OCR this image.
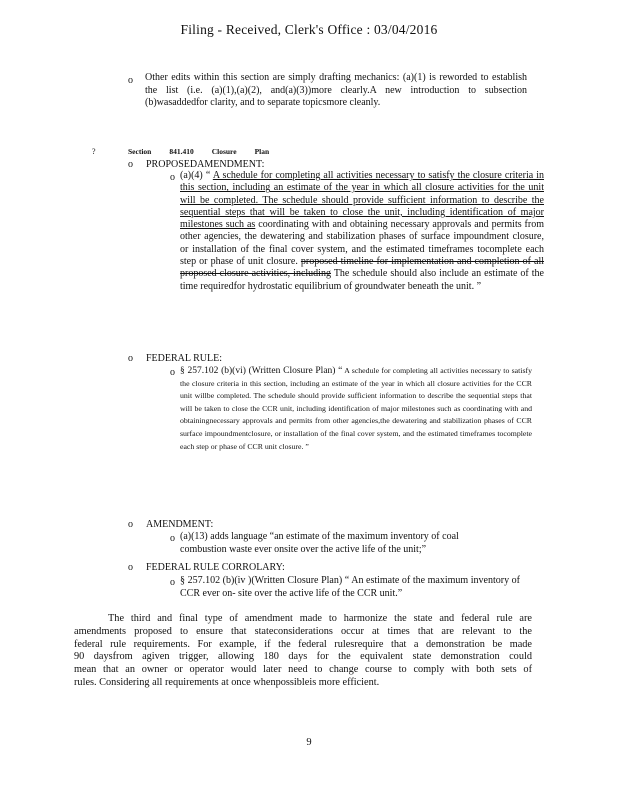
Filing - Received, Clerk's Office : 03/04/2016
o Other edits within this section are simply drafting mechanics: (a)(1) is reworded to establish the list (i.e. (a)(1),(a)(2), and(a)(3))more clearly.A new introduction to subsection (b)wasaddedfor clarity, and to separate topicsmore cleanly.
?	Section 841.410 Closure Plan
o PROPOSEDAMENDMENT:
o (a)(4) “ A schedule for completing all activities necessary to satisfy the closure criteria in this section, including an estimate of the year in which all closure activities for the unit will be completed. The schedule should provide sufficient information to describe the sequential steps that will be taken to close the unit, including identification of major milestones such as coordinating with and obtaining necessary approvals and permits from other agencies, the dewatering and stabilization phases of surface impoundment closure, or installation of the final cover system, and the estimated timeframes tocomplete each step or phase of unit closure. proposed timeline for implementation and completion of all proposed closure activities, including The schedule should also include an estimate of the time requiredfor hydrostatic equilibrium of groundwater beneath the unit. ”
o FEDERAL RULE:
o § 257.102 (b)(vi) (Written Closure Plan) “ A schedule for completing all activities necessary to satisfy the closure criteria in this section, including an estimate of the year in which all closure activities for the CCR unit willbe completed. The schedule should provide sufficient information to describe the sequential steps that will be taken to close the CCR unit, including identification of major milestones such as coordinating with and obtainingnecessary approvals and permits from other agencies,the dewatering and stabilization phases of CCR surface impoundmentclosure, or installation of the final cover system, and the estimated timeframes tocomplete each step or phase of CCR unit closure. ”
o AMENDMENT:
o (a)(13) adds language “an estimate of the maximum inventory of coal combustion waste ever onsite over the active life of the unit;”
o FEDERAL RULE CORROLARY:
o § 257.102 (b)(iv )(Written Closure Plan) “ An estimate of the maximum inventory of CCR ever on- site over the active life of the CCR unit.”
The third and final type of amendment made to harmonize the state and federal rule are
amendments proposed to ensure that stateconsiderations occur at times that are relevant to the
federal rule requirements. For example, if the federal rulesrequire that a demonstration be made
90 daysfrom agiven trigger, allowing 180 days for the equivalent state demonstration could
mean that an owner or operator would later need to change course to comply with both sets of
rules. Considering all requirements at once whenpossibleis more efficient.
9
